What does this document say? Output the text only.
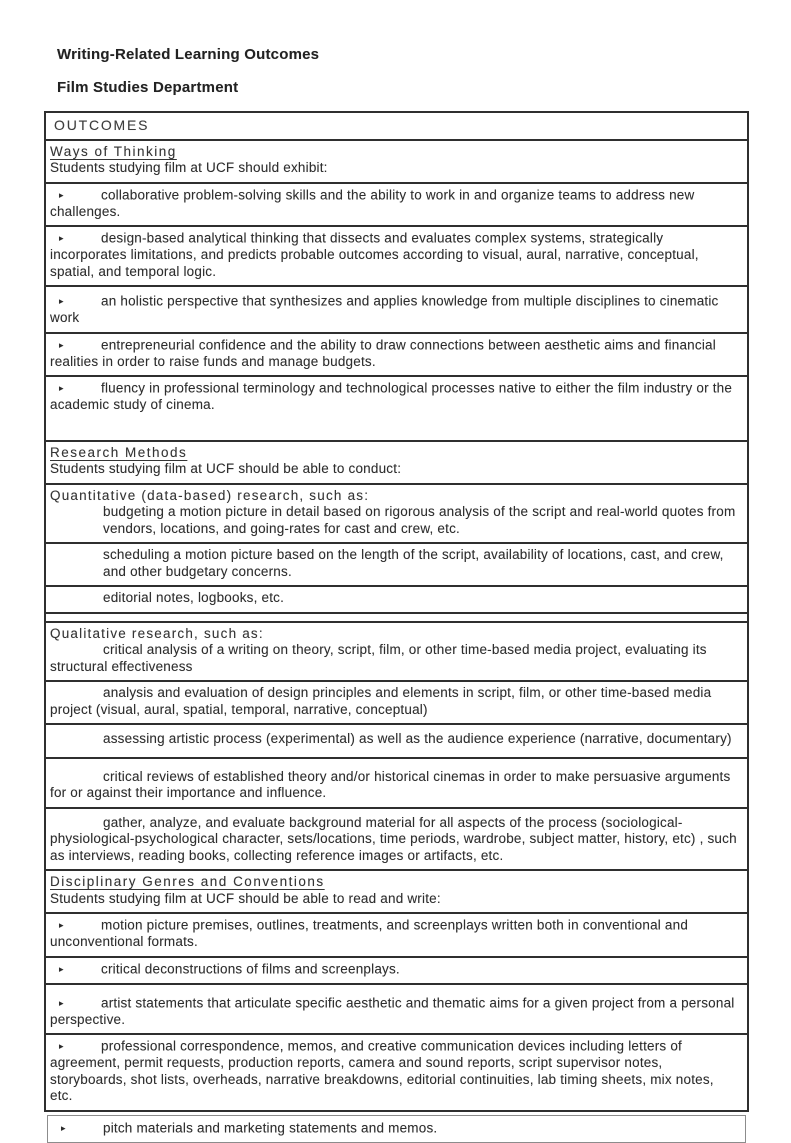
Writing-Related Learning Outcomes
Film Studies Department
OUTCOMES
Ways of Thinking
Students studying film at UCF should exhibit:

▸	collaborative problem-solving skills and the ability to work in and organize teams to address new challenges.

▸	design-based analytical thinking that dissects and evaluates complex systems, strategically incorporates limitations, and predicts probable outcomes according to visual, aural, narrative, conceptual, spatial, and temporal logic.

▸	an holistic perspective that synthesizes and applies knowledge from multiple disciplines to cinematic work

▸	entrepreneurial confidence and the ability to draw connections between aesthetic aims and financial realities in order to raise funds and manage budgets.

▸	fluency in professional terminology and technological processes native to either the film industry or the academic study of cinema.

Research Methods
Students studying film at UCF should be able to conduct:
Quantitative (data-based) research, such as:

budgeting a motion picture in detail based on rigorous analysis of the script and real-world quotes from vendors, locations, and going-rates for cast and crew, etc.

scheduling a motion picture based on the length of the script, availability of locations, cast, and crew, and other budgetary concerns.

editorial notes, logbooks, etc.

Qualitative research, such as:

critical analysis of a writing on theory, script, film, or other time-based media project, evaluating its structural effectiveness

analysis and evaluation of design principles and elements in script, film, or other time-based media project (visual, aural, spatial, temporal, narrative, conceptual)

assessing artistic process (experimental) as well as the audience experience (narrative, documentary)

critical reviews of established theory and/or historical cinemas in order to make persuasive arguments for or against their importance and influence.

gather, analyze, and evaluate background material for all aspects of the process (sociological-physiological-psychological character, sets/locations, time periods, wardrobe, subject matter, history, etc) , such as interviews, reading books, collecting reference images or artifacts, etc.

Disciplinary Genres and Conventions
Students studying film at UCF should be able to read and write:

▸	motion picture premises, outlines, treatments, and screenplays written both in conventional and unconventional formats.

▸	critical deconstructions of films and screenplays.

▸	artist statements that articulate specific aesthetic and thematic aims for a given project from a personal perspective.

▸	professional correspondence, memos, and creative communication devices including letters of agreement, permit requests, production reports, camera and sound reports, script supervisor notes, storyboards, shot lists, overheads, narrative breakdowns, editorial continuities, lab timing sheets, mix notes, etc.

▸	pitch materials and marketing statements and memos.
